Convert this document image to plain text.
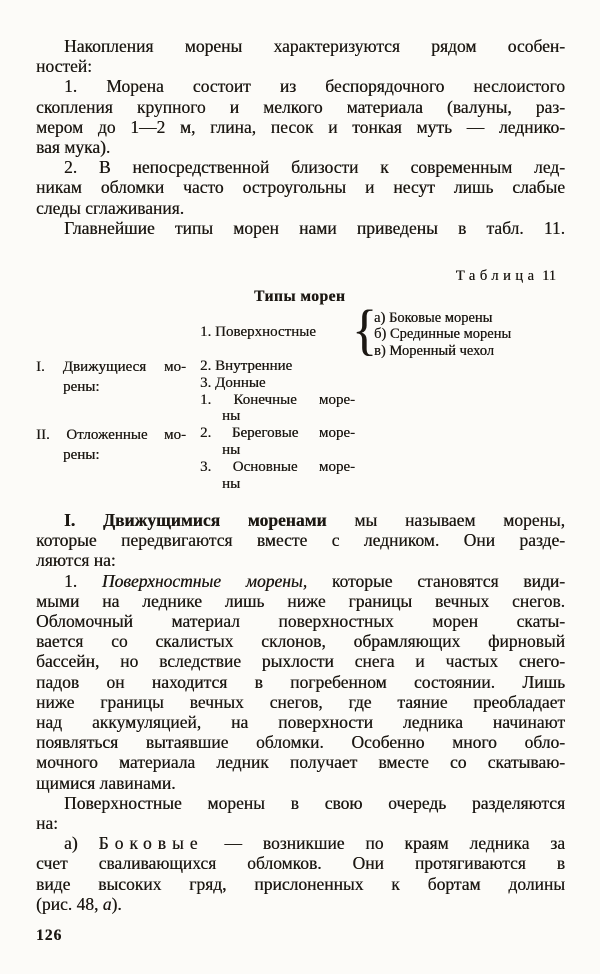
Накопления морены характеризуются рядом особен-
ностей:
1. Морена состоит из беспорядочного неслоистого
скопления крупного и мелкого материала (валуны, раз-
мером до 1—2 м, глина, песок и тонкая муть — леднико-
вая мука).
2. В непосредственной близости к современным лед-
никам обломки часто остроугольны и несут лишь слабые
следы сглаживания.
Главнейшие типы морен нами приведены в табл. 11.
Таблица 11
Типы морен
I. Движущиеся мо-
рены:
II. Отложенные мо-
рены:
1. Поверхностные
2. Внутренние
3. Донные
1. Конечные море-
ны
2. Береговые море-
ны
3. Основные море-
ны
{
а) Боковые морены
б) Срединные морены
в) Моренный чехол
I. Движущимися моренами мы называем морены,
которые передвигаются вместе с ледником. Они разде-
ляются на:
1. Поверхностные морены, которые становятся види-
мыми на леднике лишь ниже границы вечных снегов.
Обломочный материал поверхностных морен скаты-
вается со скалистых склонов, обрамляющих фирновый
бассейн, но вследствие рыхлости снега и частых снего-
падов он находится в погребенном состоянии. Лишь
ниже границы вечных снегов, где таяние преобладает
над аккумуляцией, на поверхности ледника начинают
появляться вытаявшие обломки. Особенно много обло-
мочного материала ледник получает вместе со скатываю-
щимися лавинами.
Поверхностные морены в свою очередь разделяются
на:
а) Боковые — возникшие по краям ледника за
счет сваливающихся обломков. Они протягиваются в
виде высоких гряд, прислоненных к бортам долины
(рис. 48, а).
126
